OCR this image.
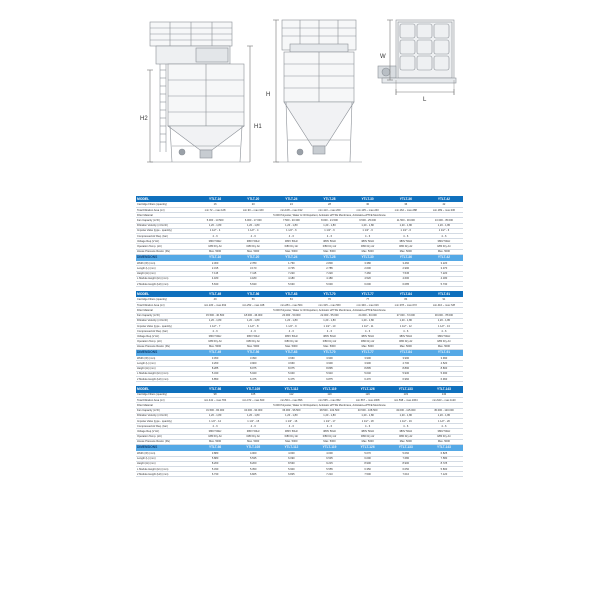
H2
H1
H
W
L
MODEL	YTLT-16	YTLT-20	YTLT-24	YTLT-28	YTLT-30	YTLT-36	YTLT-42
Cartridge Filters (quantity)	16	20	24	28	30	36	42
Total Filtration Area (m²)	min.72 ~ max.128	min.90 ~ max.160	min.108 ~ max.192	min.113 ~ max.200	min.135 ~ max.240	min.162 ~ max.288	min.189 ~ max.336
Filter Material	5.000 Polyester, Water & Oil Repellent, Antistatic ePTFE Membrane, Antistatic+ePTFE Membrane						
Fan Capacity (m³/h)	5.000 - 13.500	6.000 - 17.000	7.500 - 20.300	8.000 - 21.500	9.500 - 25.000	11.500 - 30.000	13.300 - 35.000
Filtration Velocity (m³/m²/h)	1,20 - 1,80	1,20 - 1,80	1,20 - 1,80	1,20 - 1,80	1,20 - 1,80	1,20 - 1,80	1,20 - 1,80
Impulse Valve (type - quantity)	1 1/2" - 4	1 1/2" - 4	1 1/2" - 6	1 1/2" - 6	1 1/2" - 6	1 1/2" - 6	1 1/2" - 6
Compressed Air Req. (bar)	4 - 6	4 - 6	4 - 6	4 - 6	4 - 6	4 - 6	4 - 6
Voltage Req.(V Hz)	380V 50Hz	380V 50Hz	380V 50Hz	380V 50Hz	380V 50Hz	380V 50Hz	380V 50Hz
Operation Temp. (oC)	0/80 Dry Air	0/80 Dry Air	0/80 Dry Air	0/80 Dry Air	0/80 Dry Air	0/80 Dry Air	0/80 Dry Air
House Pressure Resist. (Pa)	Max. 5000	Max. 5000	Max. 5000	Max. 5000	Max. 5000	Max. 5000	Max. 5000
DIMENSIONS	YTLT-16	YTLT-20	YTLT-24	YTLT-28	YTLT-30	YTLT-36	YTLT-42
Width (W) (mm)	2.300	2.780	1.760	2.800	3.380	3.460	3.220
Length (L) (mm)	2.315	3.170	3.745	2.785	2.600	2.990	3.370
Height (H) (mm)	7.115	7.115	7.220	7.220	7.460	7.545	7.220
L Module Height (H1) (mm)	4.180	4.180	4.180	4.180	4.520	4.600	4.180
2 Module Height (H2) (mm)	5.630	5.630	5.630	5.630	6.000	6.085	5.730
MODEL	YTLT-49	YTLT-56	YTLT-63	YTLT-70	YTLT-77	YTLT-84	YTLT-91
Cartridge Filters (quantity)	49	56	63	70	77	84	91
Total Filtration Area (m²)	min.220 ~ max.392	min.252 ~ max.448	min.284 ~ max.504	min.315 ~ max.560	min.346 ~ max.616	min.378 ~ max.672	min.410 ~ max.728
Filter Material	5.000 Polyester, Water & Oil Repellent, Antistatic ePTFE Membrane, Antistatic+ePTFE Membrane						
Fan Capacity (m³/h)	15.500 - 40.500	18.000 - 46.000	20.000 - 50.000	22.000 - 55.000	24.000 - 60.000	27.000 - 72.000	30.000 - 78.000
Filtration Velocity (m³/m²/h)	1,20 - 1,80	1,20 - 1,80	1,20 - 1,80	1,20 - 1,80	1,20 - 1,80	1,20 - 1,80	1,20 - 1,80
Impulse Valve (type - quantity)	1 1/2" - 7	1 1/2" - 8	1 1/2" - 9	1 1/2" - 10	1 1/2" - 11	1 1/2" - 12	1 1/2" - 13
Compressed Air Req. (bar)	4 - 6	4 - 6	4 - 6	4 - 6	4 - 6	4 - 6	4 - 6
Voltage Req.(V Hz)	380V 50Hz	380V 50Hz	380V 50Hz	380V 50Hz	380V 50Hz	380V 50Hz	380V 50Hz
Operation Temp. (oC)	0/80 Dry Air	0/80 Dry Air	0/80 Dry Air	0/80 Dry Air	0/80 Dry Air	0/80 Dry Air	0/80 Dry Air
House Pressure Resist. (Pa)	Max. 5000	Max. 5000	Max. 5000	Max. 5000	Max. 5000	Max. 5000	Max. 5000
DIMENSIONS	YTLT-49	YTLT-56	YTLT-63	YTLT-70	YTLT-77	YTLT-84	YTLT-91
Width (W) (mm)	3.450	3.390	3.660	3.900	3.900	3.990	3.990
Length (L) (mm)	3.260	3.900	3.660	3.900	3.900	4.700	4.520
Height (H) (mm)	8.285	8.075	8.075	8.895	8.895	8.890	8.800
L Module Height (H1) (mm)	5.340	5.040	5.040	5.910	5.040	5.930	5.930
2 Module Height (H2) (mm)	6.850	6.475	6.475	6.875	6.470	6.960	6.960
MODEL	YTLT-98	YTLT-105	YTLT-112	YTLT-119	YTLT-126	YTLT-133	YTLT-143
Cartridge Filters (quantity)	98	105	112	119	126	133	143
Total Filtration Area (m²)	min.441 ~ max.784	min.472 ~ max.840	min.504 ~ max.896	min.535 ~ max.952	min.567 ~ max.1008	min.598 ~ max.1064	min.643 ~ max.1120
Filter Material	5.000 Polyester, Water & Oil Repellent, Antistatic ePTFE Membrane, Antistatic+ePTFE Membrane						
Fan Capacity (m³/h)	31.500 - 84.000	34.000 - 90.000	36.000 - 96.500	38.500 - 102.500	40.500 - 108.500	43.000 - 115.000	45.000 - 120.000
Filtration Velocity (m³/m²/h)	1,20 - 1,80	1,20 - 1,80	1,20 - 1,80	1,20 - 1,80	1,20 - 1,80	1,20 - 1,80	1,20 - 1,80
Impulse Valve (type - quantity)	1 1/2" - 14	1 1/2" - 15	1 1/2" - 16	1 1/2" - 17	1 1/2" - 18	1 1/2" - 19	1 1/2" - 20
Compressed Air Req. (bar)	4 - 6	4 - 6	4 - 6	4 - 6	4 - 6	4 - 6	4 - 6
Voltage Req.(V Hz)	380V 50Hz	380V 50Hz	380V 50Hz	380V 50Hz	380V 50Hz	380V 50Hz	380V 50Hz
Operation Temp. (oC)	0/80 Dry Air	0/80 Dry Air	0/80 Dry Air	0/80 Dry Air	0/80 Dry Air	0/80 Dry Air	0/80 Dry Air
House Pressure Resist. (Pa)	Max. 5000	Max. 5000	Max. 5000	Max. 5000	Max. 5000	Max. 5000	Max. 5000
DIMENSIONS	YTLT-98	YTLT-105	YTLT-112	YTLT-119	YTLT-126	YTLT-133	YTLT-143
Width (W) (mm)	3.880	4.000	4.000	4.000	5.070	5.060	6.825
Length (L) (mm)	5.880	5.535	6.090	6.535	6.090	7.680	7.580
Height (H) (mm)	8.200	8.200	8.530	9.215	8.900	8.900	8.725
L Module Height (H1) (mm)	5.330	5.350	5.900	5.555	6.350	6.050	5.800
2 Module Height (H2) (mm)	6.730	6.825	6.825	7.210	7.500	7.010	7.120
